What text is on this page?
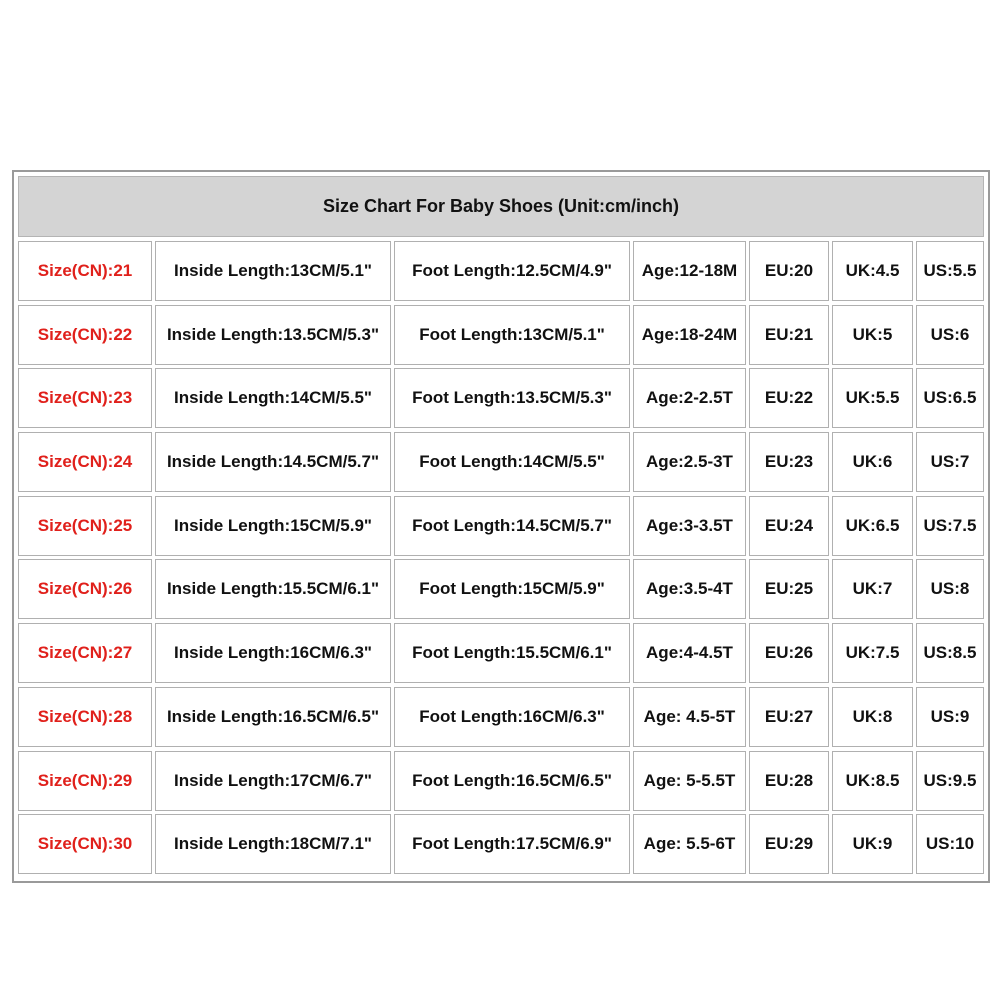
Size Chart For Baby Shoes (Unit:cm/inch)
Size(CN):21	Inside Length:13CM/5.1"	Foot Length:12.5CM/4.9"	Age:12-18M	EU:20	UK:4.5	US:5.5
Size(CN):22	Inside Length:13.5CM/5.3"	Foot Length:13CM/5.1"	Age:18-24M	EU:21	UK:5	US:6
Size(CN):23	Inside Length:14CM/5.5"	Foot Length:13.5CM/5.3"	Age:2-2.5T	EU:22	UK:5.5	US:6.5
Size(CN):24	Inside Length:14.5CM/5.7"	Foot Length:14CM/5.5"	Age:2.5-3T	EU:23	UK:6	US:7
Size(CN):25	Inside Length:15CM/5.9"	Foot Length:14.5CM/5.7"	Age:3-3.5T	EU:24	UK:6.5	US:7.5
Size(CN):26	Inside Length:15.5CM/6.1"	Foot Length:15CM/5.9"	Age:3.5-4T	EU:25	UK:7	US:8
Size(CN):27	Inside Length:16CM/6.3"	Foot Length:15.5CM/6.1"	Age:4-4.5T	EU:26	UK:7.5	US:8.5
Size(CN):28	Inside Length:16.5CM/6.5"	Foot Length:16CM/6.3"	Age: 4.5-5T	EU:27	UK:8	US:9
Size(CN):29	Inside Length:17CM/6.7"	Foot Length:16.5CM/6.5"	Age: 5-5.5T	EU:28	UK:8.5	US:9.5
Size(CN):30	Inside Length:18CM/7.1"	Foot Length:17.5CM/6.9"	Age: 5.5-6T	EU:29	UK:9	US:10
